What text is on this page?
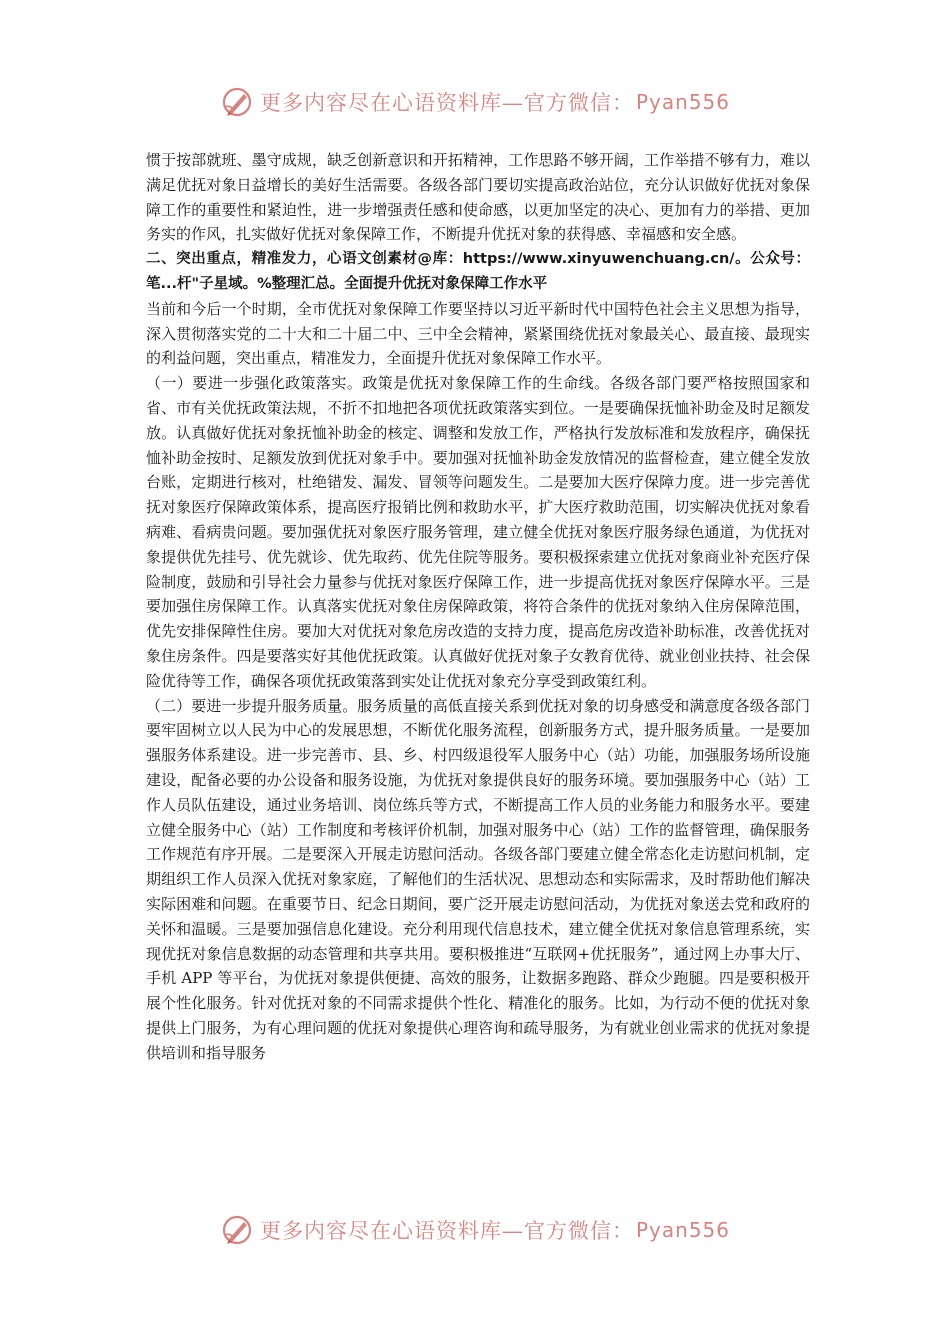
更多内容尽在心语资料库—官方微信： Pyan556

惯于按部就班、墨守成规，缺乏创新意识和开拓精神，工作思路不够开阔，工作举措不够有力，难以满足优抚对象日益增长的美好生活需要。各级各部门要切实提高政治站位，充分认识做好优抚对象保障工作的重要性和紧迫性，进一步增强责任感和使命感，以更加坚定的决心、更加有力的举措、更加务实的作风，扎实做好优抚对象保障工作，不断提升优抚对象的获得感、幸福感和安全感。

二、突出重点，精准发力，心语文创素材@库：https://www.xinyuwenchuang.cn/。公众号：笔...杆"子星域。%整理汇总。全面提升优抚对象保障工作水平

当前和今后一个时期，全市优抚对象保障工作要坚持以习近平新时代中国特色社会主义思想为指导，深入贯彻落实党的二十大和二十届二中、三中全会精神，紧紧围绕优抚对象最关心、最直接、最现实的利益问题，突出重点，精准发力，全面提升优抚对象保障工作水平。

（一）要进一步强化政策落实。政策是优抚对象保障工作的生命线。各级各部门要严格按照国家和省、市有关优抚政策法规，不折不扣地把各项优抚政策落实到位。一是要确保抚恤补助金及时足额发放。认真做好优抚对象抚恤补助金的核定、调整和发放工作，严格执行发放标准和发放程序，确保抚恤补助金按时、足额发放到优抚对象手中。要加强对抚恤补助金发放情况的监督检查，建立健全发放台账，定期进行核对，杜绝错发、漏发、冒领等问题发生。二是要加大医疗保障力度。进一步完善优抚对象医疗保障政策体系，提高医疗报销比例和救助水平，扩大医疗救助范围，切实解决优抚对象看病难、看病贵问题。要加强优抚对象医疗服务管理，建立健全优抚对象医疗服务绿色通道，为优抚对象提供优先挂号、优先就诊、优先取药、优先住院等服务。要积极探索建立优抚对象商业补充医疗保险制度，鼓励和引导社会力量参与优抚对象医疗保障工作，进一步提高优抚对象医疗保障水平。三是要加强住房保障工作。认真落实优抚对象住房保障政策，将符合条件的优抚对象纳入住房保障范围，优先安排保障性住房。要加大对优抚对象危房改造的支持力度，提高危房改造补助标准，改善优抚对象住房条件。四是要落实好其他优抚政策。认真做好优抚对象子女教育优待、就业创业扶持、社会保险优待等工作，确保各项优抚政策落到实处让优抚对象充分享受到政策红利。

（二）要进一步提升服务质量。服务质量的高低直接关系到优抚对象的切身感受和满意度各级各部门要牢固树立以人民为中心的发展思想，不断优化服务流程，创新服务方式，提升服务质量。一是要加强服务体系建设。进一步完善市、县、乡、村四级退役军人服务中心（站）功能，加强服务场所设施建设，配备必要的办公设备和服务设施，为优抚对象提供良好的服务环境。要加强服务中心（站）工作人员队伍建设，通过业务培训、岗位练兵等方式，不断提高工作人员的业务能力和服务水平。要建立健全服务中心（站）工作制度和考核评价机制，加强对服务中心（站）工作的监督管理，确保服务工作规范有序开展。二是要深入开展走访慰问活动。各级各部门要建立健全常态化走访慰问机制，定期组织工作人员深入优抚对象家庭，了解他们的生活状况、思想动态和实际需求，及时帮助他们解决实际困难和问题。在重要节日、纪念日期间，要广泛开展走访慰问活动，为优抚对象送去党和政府的关怀和温暖。三是要加强信息化建设。充分利用现代信息技术，建立健全优抚对象信息管理系统，实现优抚对象信息数据的动态管理和共享共用。要积极推进“互联网+优抚服务”，通过网上办事大厅、手机 APP 等平台，为优抚对象提供便捷、高效的服务，让数据多跑路、群众少跑腿。四是要积极开展个性化服务。针对优抚对象的不同需求提供个性化、精准化的服务。比如，为行动不便的优抚对象提供上门服务，为有心理问题的优抚对象提供心理咨询和疏导服务，为有就业创业需求的优抚对象提供培训和指导服务

更多内容尽在心语资料库—官方微信： Pyan556
